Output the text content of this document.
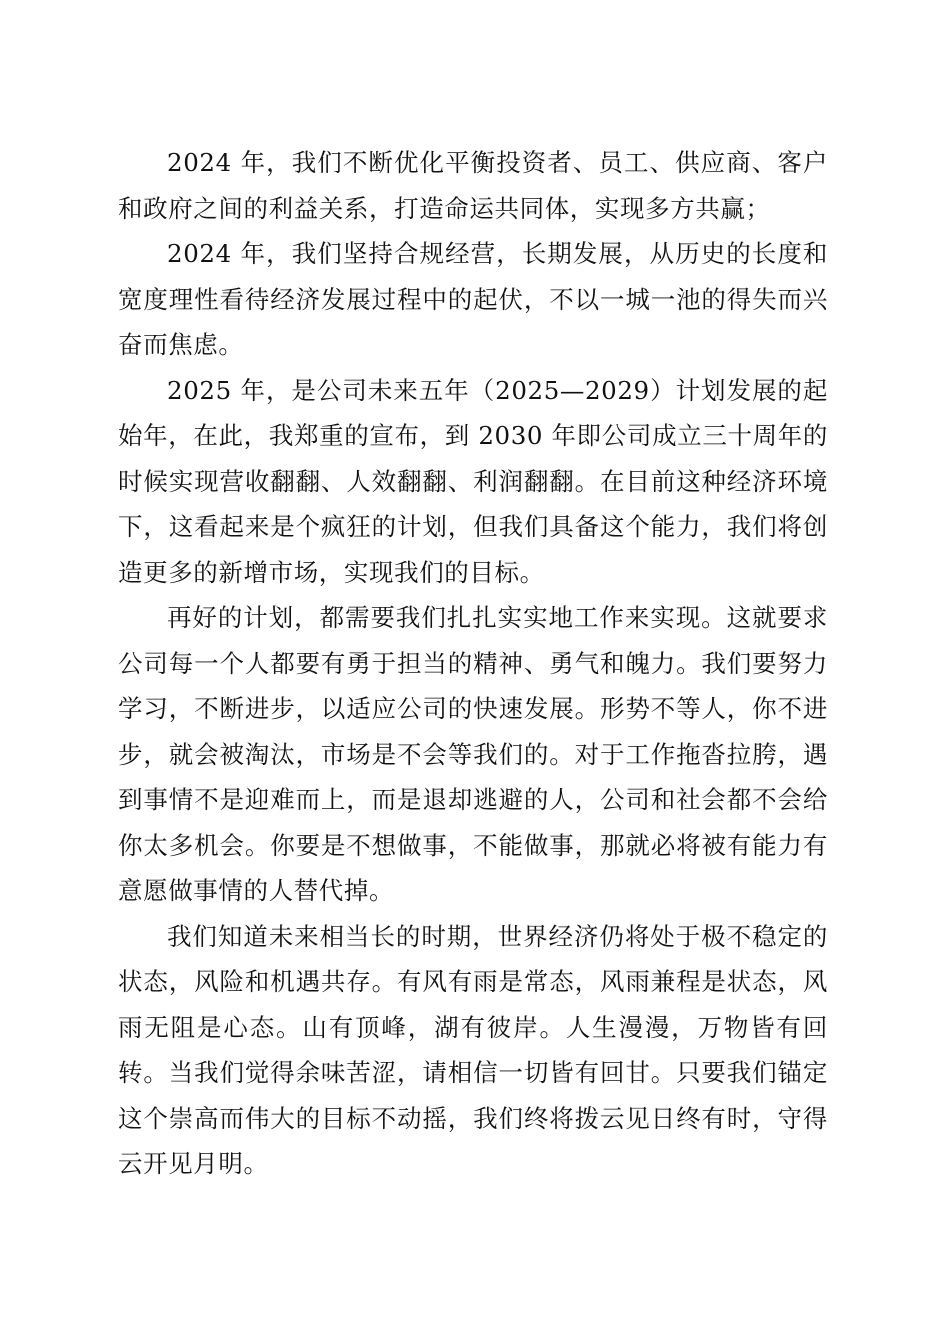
2024 年，我们不断优化平衡投资者、员工、供应商、客户和政府之间的利益关系，打造命运共同体，实现多方共赢；

2024 年，我们坚持合规经营，长期发展，从历史的长度和宽度理性看待经济发展过程中的起伏，不以一城一池的得失而兴奋而焦虑。

2025 年，是公司未来五年（2025—2029）计划发展的起始年，在此，我郑重的宣布，到 2030 年即公司成立三十周年的时候实现营收翻翻、人效翻翻、利润翻翻。在目前这种经济环境下，这看起来是个疯狂的计划，但我们具备这个能力，我们将创造更多的新增市场，实现我们的目标。

再好的计划，都需要我们扎扎实实地工作来实现。这就要求公司每一个人都要有勇于担当的精神、勇气和魄力。我们要努力学习，不断进步，以适应公司的快速发展。形势不等人，你不进步，就会被淘汰，市场是不会等我们的。对于工作拖沓拉胯，遇到事情不是迎难而上，而是退却逃避的人，公司和社会都不会给你太多机会。你要是不想做事，不能做事，那就必将被有能力有意愿做事情的人替代掉。

我们知道未来相当长的时期，世界经济仍将处于极不稳定的状态，风险和机遇共存。有风有雨是常态，风雨兼程是状态，风雨无阻是心态。山有顶峰，湖有彼岸。人生漫漫，万物皆有回转。当我们觉得余味苦涩，请相信一切皆有回甘。只要我们锚定这个崇高而伟大的目标不动摇，我们终将拨云见日终有时，守得云开见月明。
